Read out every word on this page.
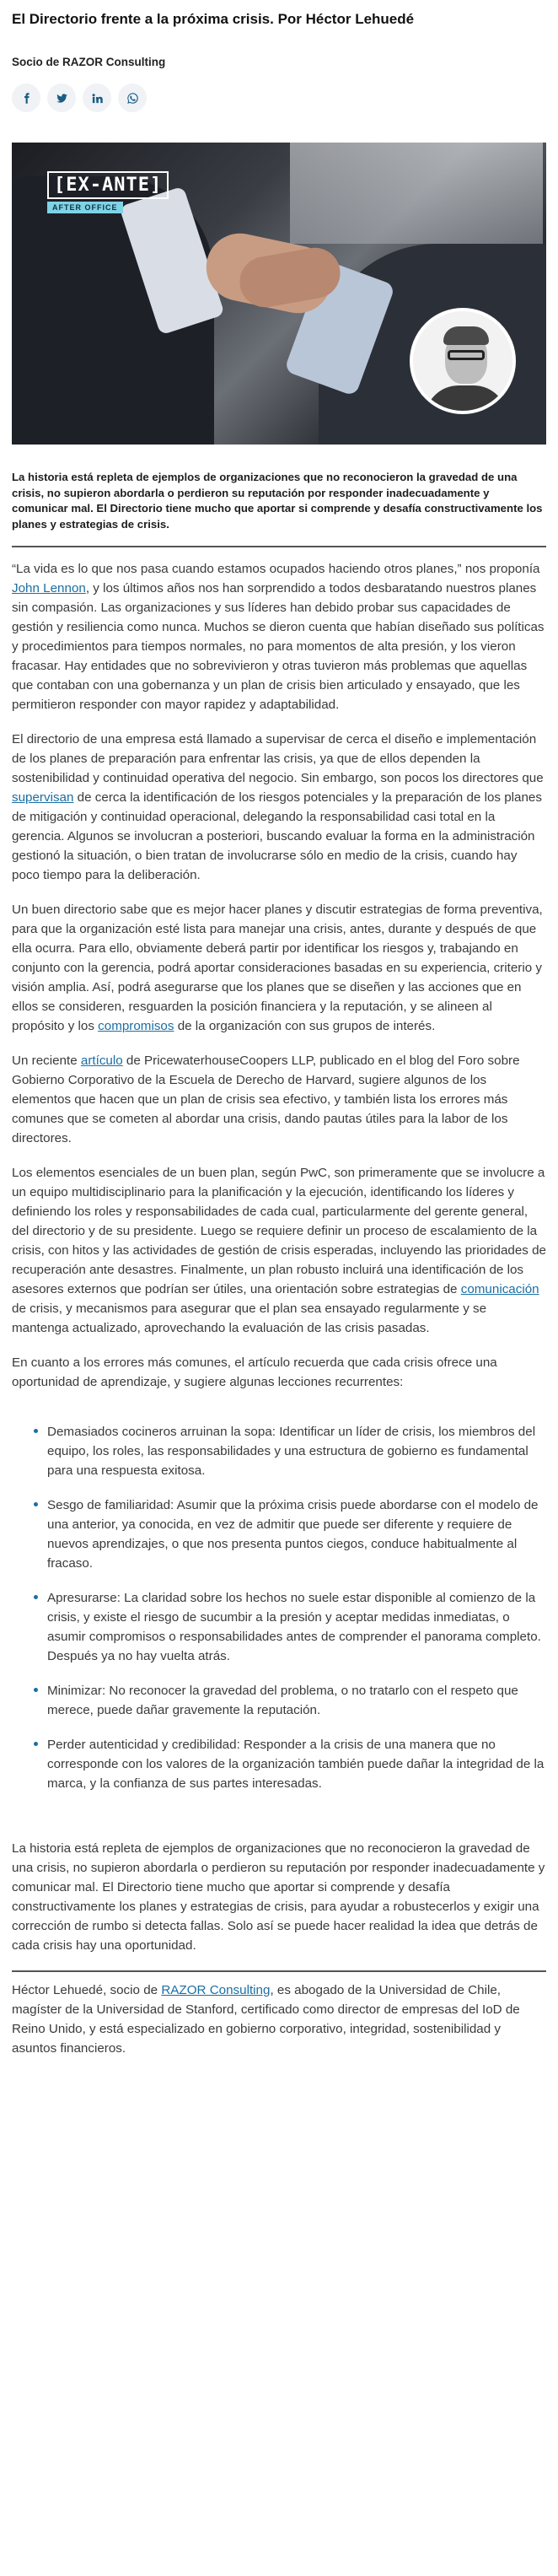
El Directorio frente a la próxima crisis. Por Héctor Lehuedé
Socio de RAZOR Consulting
[EX-ANTE]
AFTER OFFICE

La historia está repleta de ejemplos de organizaciones que no reconocieron la gravedad de una crisis, no supieron abordarla o perdieron su reputación por responder inadecuadamente y comunicar mal. El Directorio tiene mucho que aportar si comprende y desafía constructivamente los planes y estrategias de crisis.

“La vida es lo que nos pasa cuando estamos ocupados haciendo otros planes,” nos proponía John Lennon, y los últimos años nos han sorprendido a todos desbaratando nuestros planes sin compasión. Las organizaciones y sus líderes han debido probar sus capacidades de gestión y resiliencia como nunca. Muchos se dieron cuenta que habían diseñado sus políticas y procedimientos para tiempos normales, no para momentos de alta presión, y los vieron fracasar. Hay entidades que no sobrevivieron y otras tuvieron más problemas que aquellas que contaban con una gobernanza y un plan de crisis bien articulado y ensayado, que les permitieron responder con mayor rapidez y adaptabilidad.

El directorio de una empresa está llamado a supervisar de cerca el diseño e implementación de los planes de preparación para enfrentar las crisis, ya que de ellos dependen la sostenibilidad y continuidad operativa del negocio. Sin embargo, son pocos los directores que supervisan de cerca la identificación de los riesgos potenciales y la preparación de los planes de mitigación y continuidad operacional, delegando la responsabilidad casi total en la gerencia. Algunos se involucran a posteriori, buscando evaluar la forma en la administración gestionó la situación, o bien tratan de involucrarse sólo en medio de la crisis, cuando hay poco tiempo para la deliberación.

Un buen directorio sabe que es mejor hacer planes y discutir estrategias de forma preventiva, para que la organización esté lista para manejar una crisis, antes, durante y después de que ella ocurra. Para ello, obviamente deberá partir por identificar los riesgos y, trabajando en conjunto con la gerencia, podrá aportar consideraciones basadas en su experiencia, criterio y visión amplia. Así, podrá asegurarse que los planes que se diseñen y las acciones que en ellos se consideren, resguarden la posición financiera y la reputación, y se alineen al propósito y los compromisos de la organización con sus grupos de interés.

Un reciente artículo de PricewaterhouseCoopers LLP, publicado en el blog del Foro sobre Gobierno Corporativo de la Escuela de Derecho de Harvard, sugiere algunos de los elementos que hacen que un plan de crisis sea efectivo, y también lista los errores más comunes que se cometen al abordar una crisis, dando pautas útiles para la labor de los directores.

Los elementos esenciales de un buen plan, según PwC, son primeramente que se involucre a un equipo multidisciplinario para la planificación y la ejecución, identificando los líderes y definiendo los roles y responsabilidades de cada cual, particularmente del gerente general, del directorio y de su presidente. Luego se requiere definir un proceso de escalamiento de la crisis, con hitos y las actividades de gestión de crisis esperadas, incluyendo las prioridades de recuperación ante desastres. Finalmente, un plan robusto incluirá una identificación de los asesores externos que podrían ser útiles, una orientación sobre estrategias de comunicación de crisis, y mecanismos para asegurar que el plan sea ensayado regularmente y se mantenga actualizado, aprovechando la evaluación de las crisis pasadas.

En cuanto a los errores más comunes, el artículo recuerda que cada crisis ofrece una oportunidad de aprendizaje, y sugiere algunas lecciones recurrentes:

Demasiados cocineros arruinan la sopa: Identificar un líder de crisis, los miembros del equipo, los roles, las responsabilidades y una estructura de gobierno es fundamental para una respuesta exitosa.
Sesgo de familiaridad: Asumir que la próxima crisis puede abordarse con el modelo de una anterior, ya conocida, en vez de admitir que puede ser diferente y requiere de nuevos aprendizajes, o que nos presenta puntos ciegos, conduce habitualmente al fracaso.
Apresurarse: La claridad sobre los hechos no suele estar disponible al comienzo de la crisis, y existe el riesgo de sucumbir a la presión y aceptar medidas inmediatas, o asumir compromisos o responsabilidades antes de comprender el panorama completo. Después ya no hay vuelta atrás.
Minimizar: No reconocer la gravedad del problema, o no tratarlo con el respeto que merece, puede dañar gravemente la reputación.
Perder autenticidad y credibilidad: Responder a la crisis de una manera que no corresponde con los valores de la organización también puede dañar la integridad de la marca, y la confianza de sus partes interesadas.

La historia está repleta de ejemplos de organizaciones que no reconocieron la gravedad de una crisis, no supieron abordarla o perdieron su reputación por responder inadecuadamente y comunicar mal. El Directorio tiene mucho que aportar si comprende y desafía constructivamente los planes y estrategias de crisis, para ayudar a robustecerlos y exigir una corrección de rumbo si detecta fallas. Solo así se puede hacer realidad la idea que detrás de cada crisis hay una oportunidad.

Héctor Lehuedé, socio de RAZOR Consulting, es abogado de la Universidad de Chile, magíster de la Universidad de Stanford, certificado como director de empresas del IoD de Reino Unido, y está especializado en gobierno corporativo, integridad, sostenibilidad y asuntos financieros.
